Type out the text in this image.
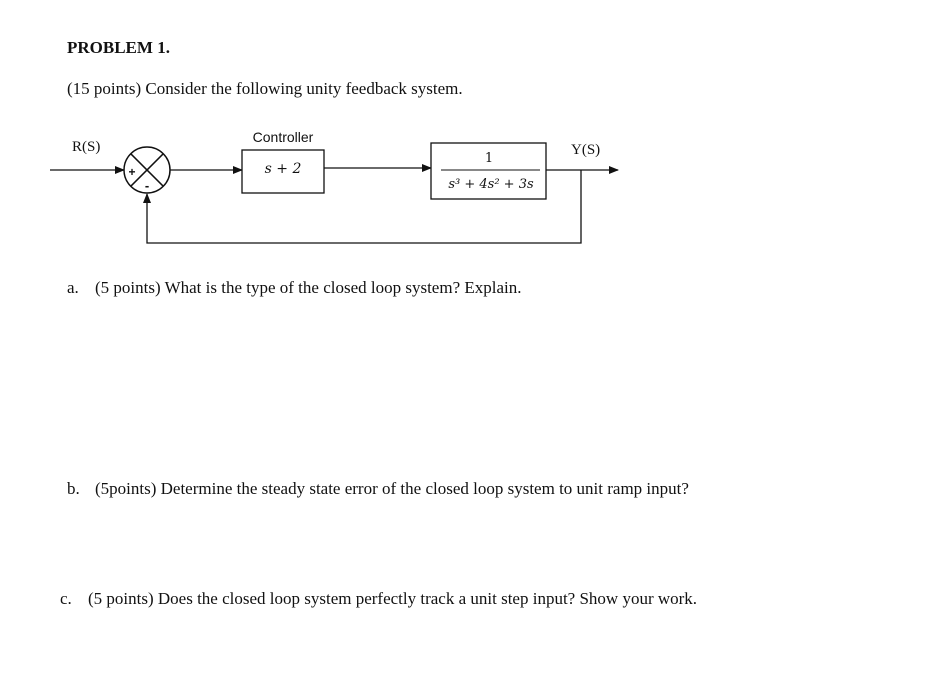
PROBLEM 1.

(15 points) Consider the following unity feedback system.

R(S)
+
-
Controller
s + 2
1
s³ + 4s² + 3s
Y(S)

a. (5 points) What is the type of the closed loop system? Explain.

b. (5points) Determine the steady state error of the closed loop system to unit ramp input?

c. (5 points) Does the closed loop system perfectly track a unit step input? Show your work.
